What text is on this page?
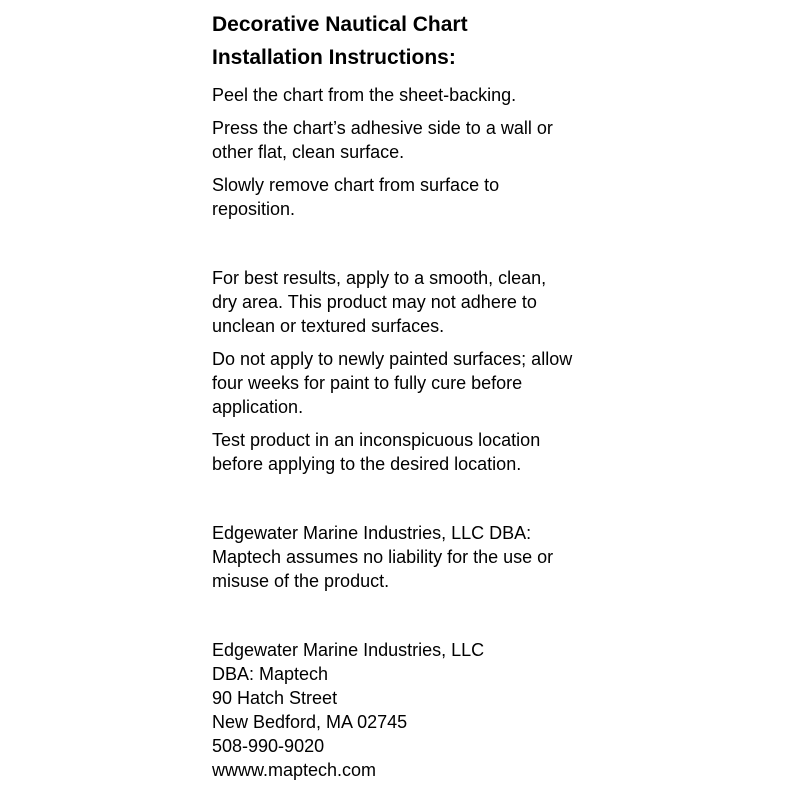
Decorative Nautical Chart
Installation Instructions:

Peel the chart from the sheet-backing.

Press the chart’s adhesive side to a wall or
other flat, clean surface.

Slowly remove chart from surface to
reposition.

For best results, apply to a smooth, clean,
dry area. This product may not adhere to
unclean or textured surfaces.

Do not apply to newly painted surfaces; allow
four weeks for paint to fully cure before
application.

Test product in an inconspicuous location
before applying to the desired location.

Edgewater Marine Industries, LLC DBA:
Maptech assumes no liability for the use or
misuse of the product.

Edgewater Marine Industries, LLC
DBA: Maptech
90 Hatch Street
New Bedford, MA 02745
508-990-9020
wwww.maptech.com
